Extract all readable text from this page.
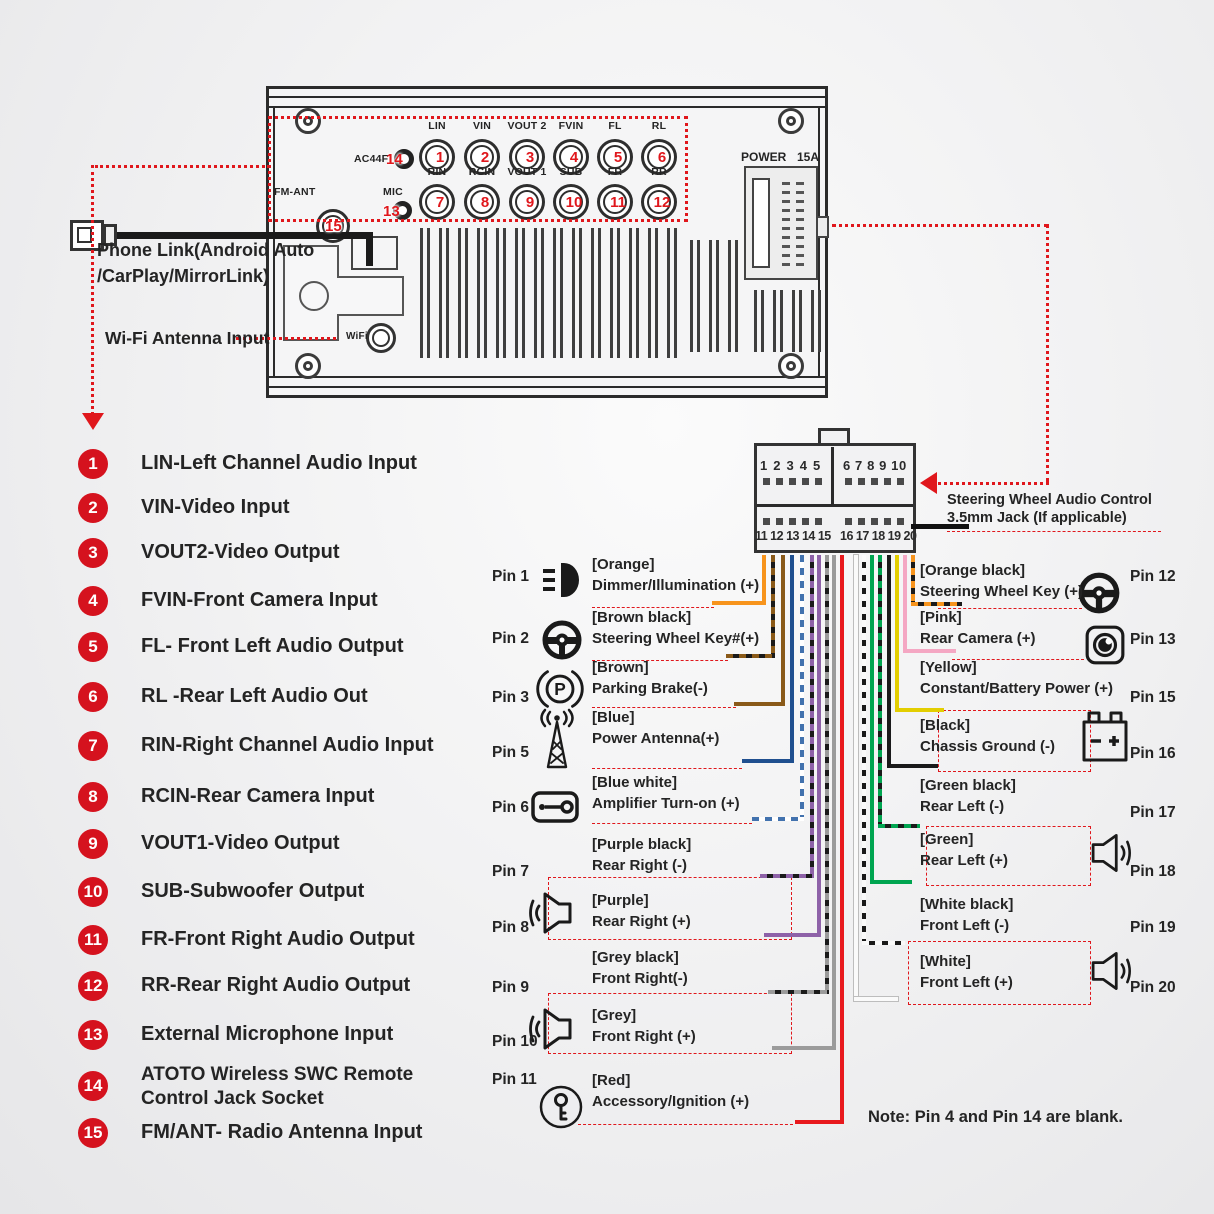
POWER 15A
WiFi
AC44F
14
MIC
13
FM-ANT
15
Phone Link(Android Auto
/CarPlay/MirrorLink)
Wi-Fi Antenna Input
1 2 3 4 5 6 7 8 9 10
11 12 13 14 15 16 17 18 19 20
Steering Wheel Audio Control
3.5mm Jack (If applicable)
Note: Pin 4 and Pin 14 are blank.
1	LIN-Left Channel Audio Input
2	VIN-Video Input
3	VOUT2-Video Output
4	FVIN-Front Camera Input
5	FL- Front Left Audio Output
6	RL -Rear Left Audio Out
7	RIN-Right Channel Audio Input
8	RCIN-Rear Camera Input
9	VOUT1-Video Output
10 SUB-Subwoofer Output
11	FR-Front Right Audio Output
12 RR-Rear Right Audio Output
13 External Microphone Input
14
ATOTO Wireless SWC Remote
Control Jack Socket
15 FM/ANT- Radio Antenna Input
LIN
1
VIN
2
VOUT 2
3
FVIN
4
FL
5
RL
6
RIN
7
RCIN
8
VOUT 1
9
SUB
10
FR
11
RR
12
Pin 1
[Orange]
Dimmer/Illumination (+)
Pin 2
[Brown black]
Steering Wheel Key#(+)
Pin 3
[Brown]
Parking Brake(-)
P
Pin 5
[Blue]
Power Antenna(+)
Pin 6
[Blue white]
Amplifier Turn-on (+)
Pin 7
[Purple black]
Rear Right (-)
Pin 8
[Purple]
Rear Right (+)
Pin 9
[Grey black]
Front Right(-)
Pin 10
[Grey]
Front Right (+)
Pin 11	[Red]
Accessory/Ignition (+)
Pin 12
[Orange black]
Steering Wheel Key (+)
Pin 13
[Pink]
Rear Camera (+)
Pin 15
[Yellow]
Constant/Battery Power (+)
Pin 16
[Black]
Chassis Ground (-)
Pin 17
[Green black]
Rear Left (-)
Pin 18
[Green]
Rear Left (+)
Pin 19
[White black]
Front Left (-)
Pin 20
[White]
Front Left (+)
